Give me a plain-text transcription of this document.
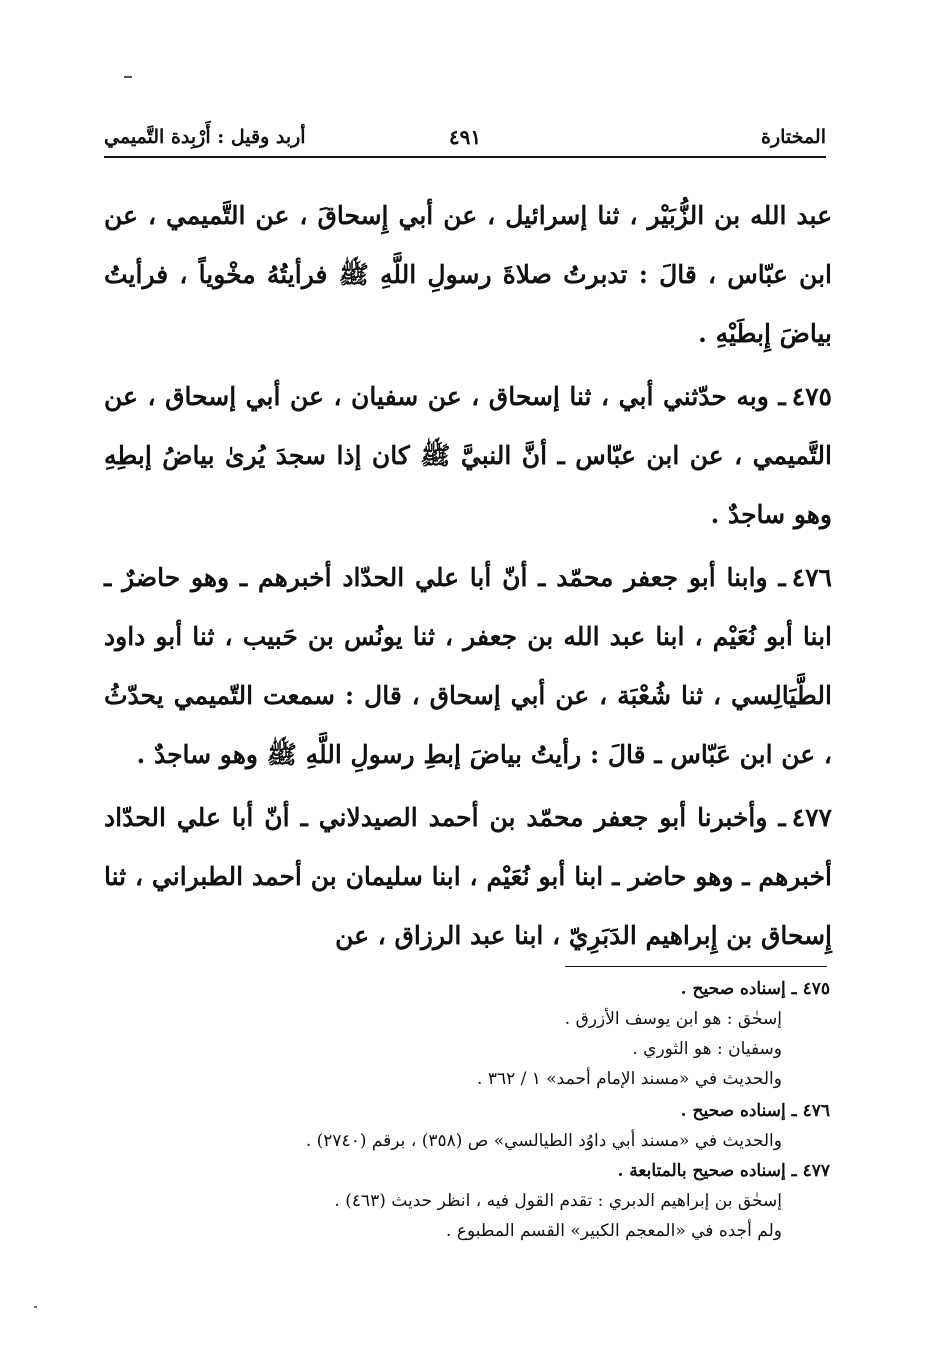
المختارة
٤٩١
أربد وقيل : أَرْبِدة التَّميمي

عبد الله بن الزُّبَيْر ، ثنا إسرائيل ، عن أبي إِسحاقَ ، عن التَّميمي ، عن ابن عبّاس ، قالَ : تدبرتُ صلاةَ رسولِ اللَّهِ ﷺ فرأيتُهُ مخْوياً ، فرأيتُ بياضَ إِبطَيْهِ .

٤٧٥ـ وبه حدّثني أبي ، ثنا إسحاق ، عن سفيان ، عن أبي إسحاق ، عن التَّميمي ، عن ابن عبّاس ـ أنَّ النبيَّ ﷺ كان إذا سجدَ يُرىٰ بياضُ إبطِهِ وهو ساجدٌ .

٤٧٦ـ وابنا أبو جعفر محمّد ـ أنّ أبا علي الحدّاد أخبرهم ـ وهو حاضرٌ ـ ابنا أبو نُعَيْم ، ابنا عبد الله بن جعفر ، ثنا يونُس بن حَبيب ، ثنا أبو داود الطَّيَالِسي ، ثنا شُعْبَة ، عن أبي إسحاق ، قال : سمعت التّميمي يحدّثُ ، عن ابن عَبّاس ـ قالَ : رأيتُ بياضَ إبطِ رسولِ اللَّهِ ﷺ وهو ساجدٌ .

٤٧٧ـ وأخبرنا أبو جعفر محمّد بن أحمد الصيدلاني ـ أنّ أبا علي الحدّاد أخبرهم ـ وهو حاضر ـ ابنا أبو نُعَيْم ، ابنا سليمان بن أحمد الطبراني ، ثنا إِسحاق بن إِبراهيم الدَبَرِيّ ، ابنا عبد الرزاق ، عن

٤٧٥ـ إسناده صحيح .
إسحٰق : هو ابن يوسف الأزرق .
وسفيان : هو الثوري .
والحديث في «مسند الإمام أحمد» ١ / ٣٦٢ .
٤٧٦ـ إسناده صحيح .
والحديث في «مسند أبي داوُد الطيالسي» ص (٣٥٨) ، برقم (٢٧٤٠) .
٤٧٧ـ إسناده صحيح بالمتابعة .
إسحٰق بن إبراهيم الدبري : تقدم القول فيه ، انظر حديث (٤٦٣) .
ولم أجده في «المعجم الكبير» القسم المطبوع .
